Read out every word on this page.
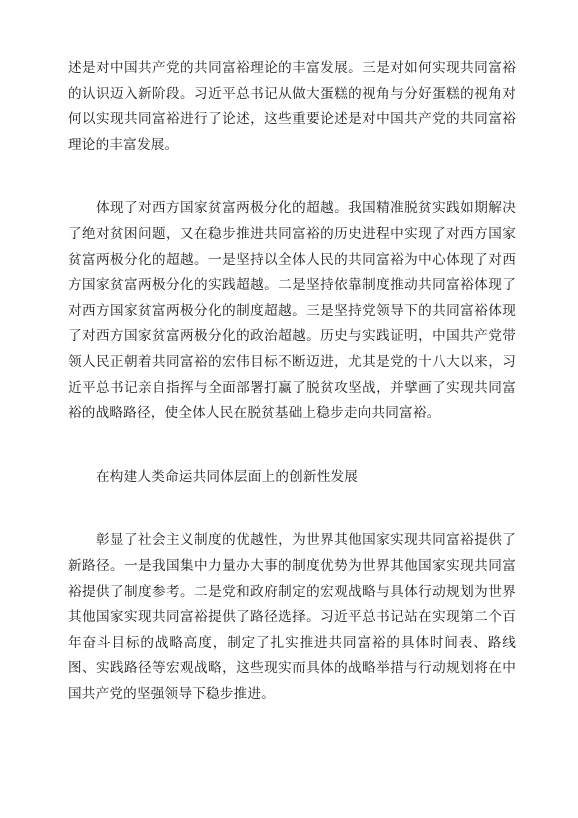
述是对中国共产党的共同富裕理论的丰富发展。三是对如何实现共同富裕的认识迈入新阶段。习近平总书记从做大蛋糕的视角与分好蛋糕的视角对何以实现共同富裕进行了论述，这些重要论述是对中国共产党的共同富裕理论的丰富发展。

体现了对西方国家贫富两极分化的超越。我国精准脱贫实践如期解决了绝对贫困问题，又在稳步推进共同富裕的历史进程中实现了对西方国家贫富两极分化的超越。一是坚持以全体人民的共同富裕为中心体现了对西方国家贫富两极分化的实践超越。二是坚持依靠制度推动共同富裕体现了对西方国家贫富两极分化的制度超越。三是坚持党领导下的共同富裕体现了对西方国家贫富两极分化的政治超越。历史与实践证明，中国共产党带领人民正朝着共同富裕的宏伟目标不断迈进，尤其是党的十八大以来，习近平总书记亲自指挥与全面部署打赢了脱贫攻坚战，并擘画了实现共同富裕的战略路径，使全体人民在脱贫基础上稳步走向共同富裕。

在构建人类命运共同体层面上的创新性发展

彰显了社会主义制度的优越性，为世界其他国家实现共同富裕提供了新路径。一是我国集中力量办大事的制度优势为世界其他国家实现共同富裕提供了制度参考。二是党和政府制定的宏观战略与具体行动规划为世界其他国家实现共同富裕提供了路径选择。习近平总书记站在实现第二个百年奋斗目标的战略高度，制定了扎实推进共同富裕的具体时间表、路线图、实践路径等宏观战略，这些现实而具体的战略举措与行动规划将在中国共产党的坚强领导下稳步推进。
